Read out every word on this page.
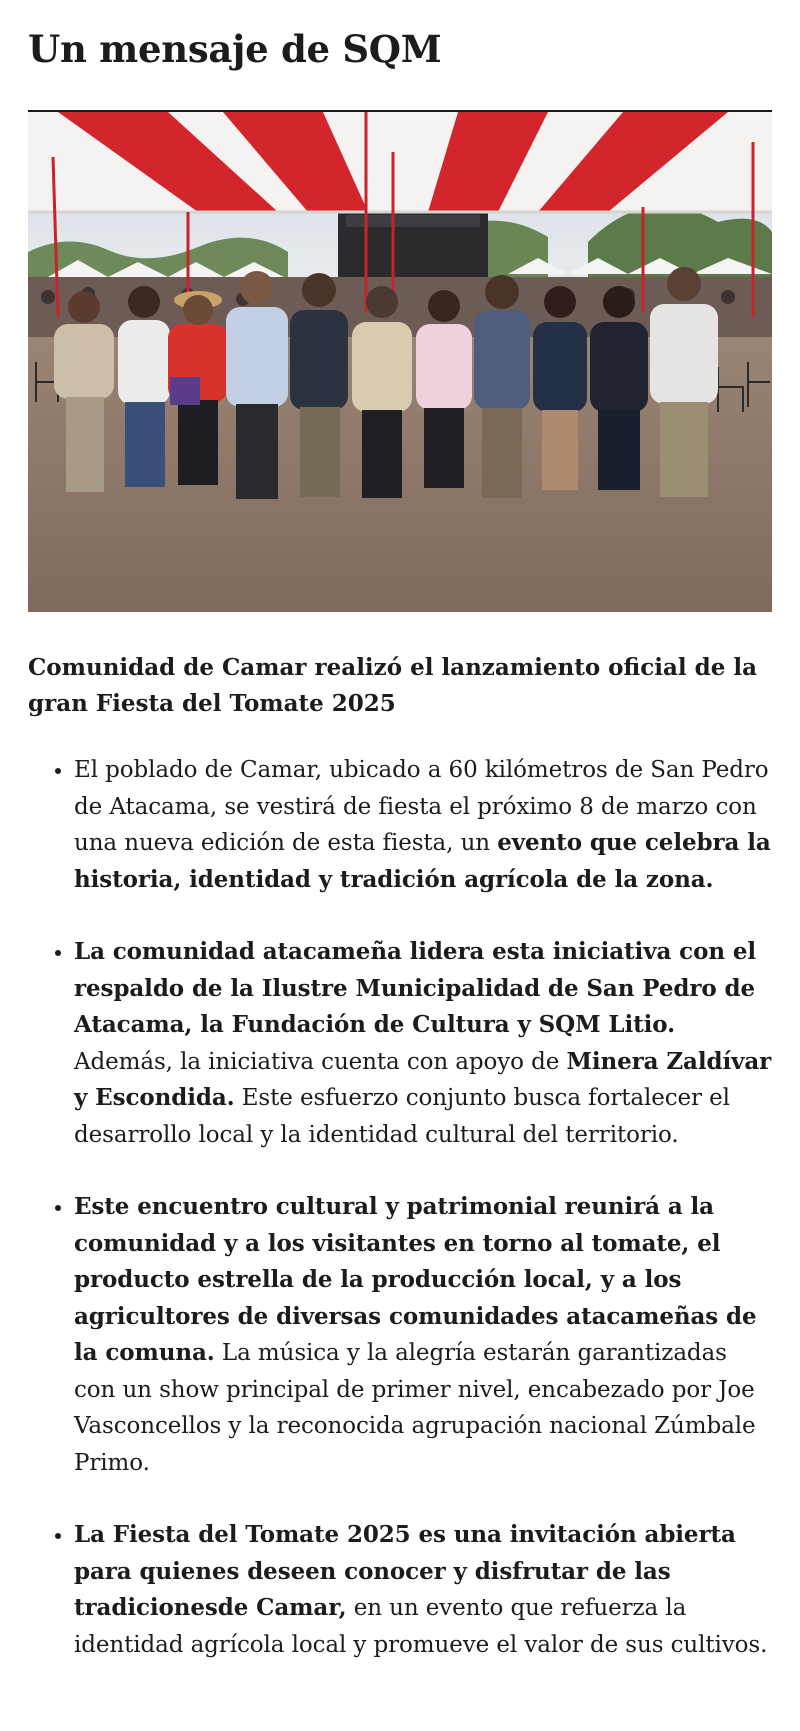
Un mensaje de SQM
Comunidad de Camar realizó el lanzamiento oficial de la gran Fiesta del Tomate 2025
• El poblado de Camar, ubicado a 60 kilómetros de San Pedro de Atacama, se vestirá de fiesta el próximo 8 de marzo con una nueva edición de esta fiesta, un evento que celebra la historia, identidad y tradición agrícola de la zona.
• La comunidad atacameña lidera esta iniciativa con el respaldo de la Ilustre Municipalidad de San Pedro de Atacama, la Fundación de Cultura y SQM Litio. Además, la iniciativa cuenta con apoyo de Minera Zaldívar y Escondida. Este esfuerzo conjunto busca fortalecer el desarrollo local y la identidad cultural del territorio.
• Este encuentro cultural y patrimonial reunirá a la comunidad y a los visitantes en torno al tomate, el producto estrella de la producción local, y a los agricultores de diversas comunidades atacameñas de la comuna. La música y la alegría estarán garantizadas con un show principal de primer nivel, encabezado por Joe Vasconcellos y la reconocida agrupación nacional Zúmbale Primo.
• La Fiesta del Tomate 2025 es una invitación abierta para quienes deseen conocer y disfrutar de las tradicionesde Camar, en un evento que refuerza la identidad agrícola local y promueve el valor de sus cultivos.
